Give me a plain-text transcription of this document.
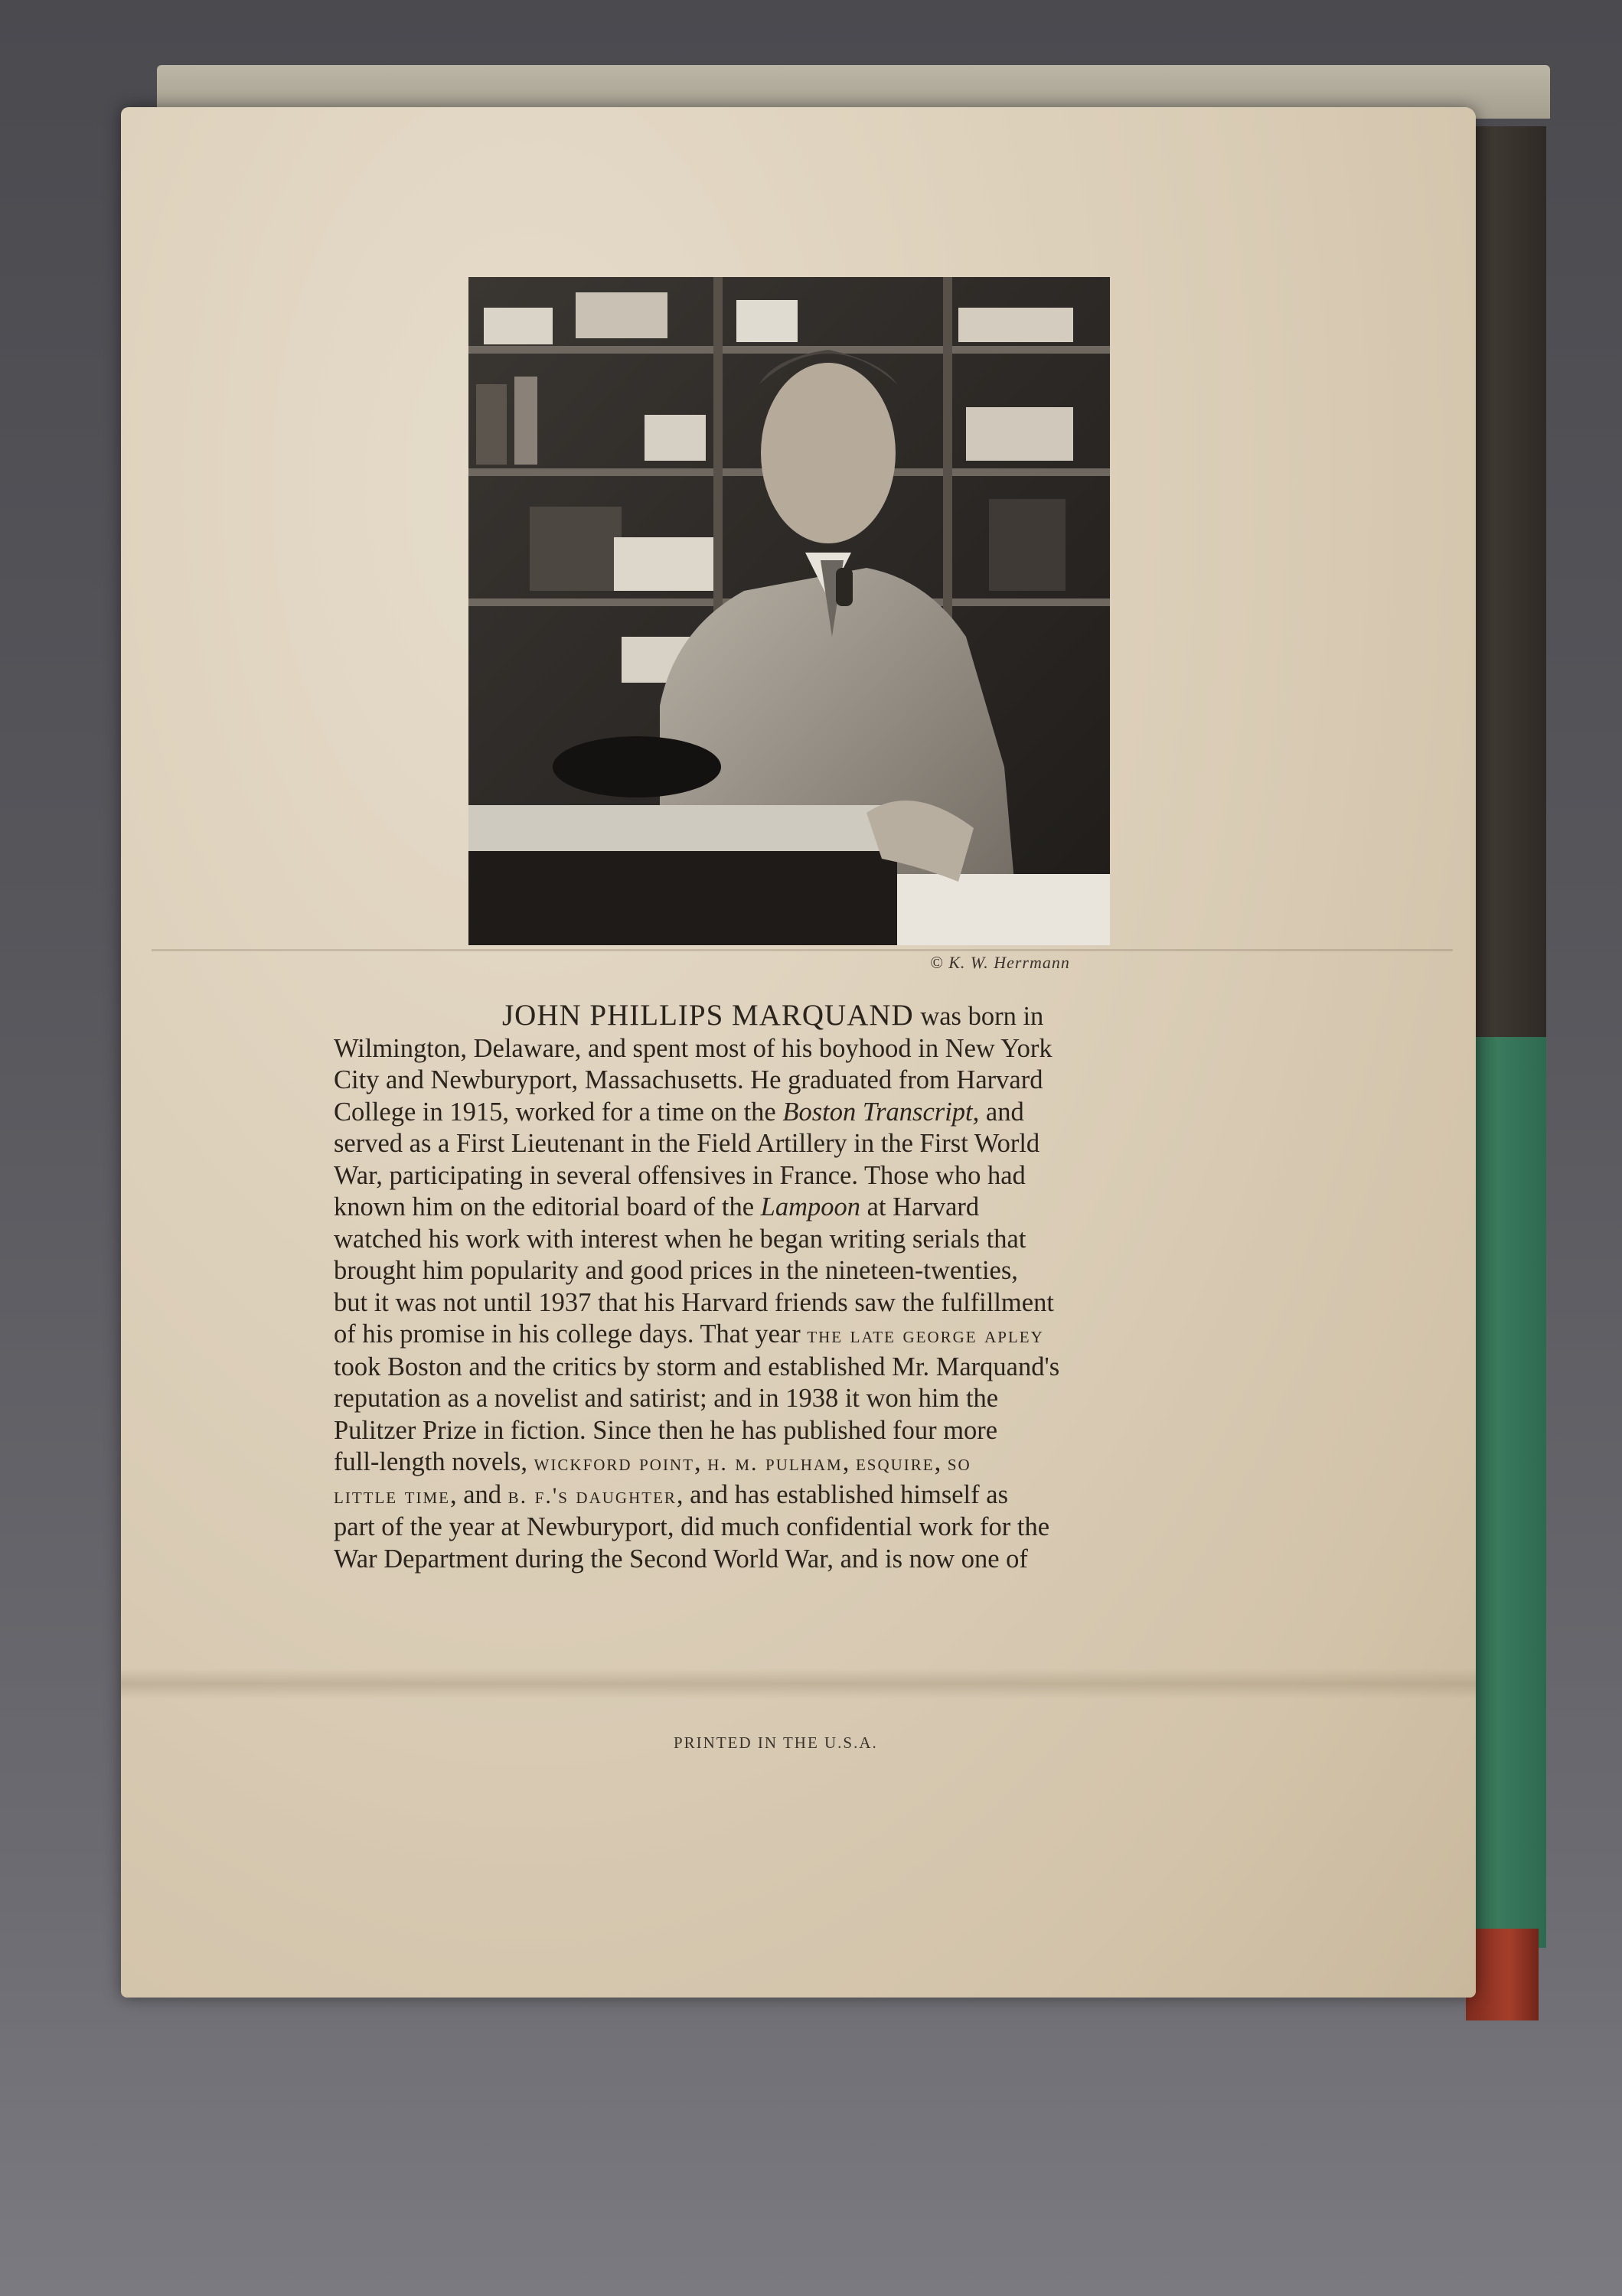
© K. W. Herrmann
JOHN PHILLIPS MARQUAND was born in
Wilmington, Delaware, and spent most of his boyhood in New York
City and Newburyport, Massachusetts. He graduated from Harvard
College in 1915, worked for a time on the Boston Transcript, and
served as a First Lieutenant in the Field Artillery in the First World
War, participating in several offensives in France. Those who had
known him on the editorial board of the Lampoon at Harvard
watched his work with interest when he began writing serials that
brought him popularity and good prices in the nineteen-twenties,
but it was not until 1937 that his Harvard friends saw the fulfillment
of his promise in his college days. That year the late george apley
took Boston and the critics by storm and established Mr. Marquand's
reputation as a novelist and satirist; and in 1938 it won him the
Pulitzer Prize in fiction. Since then he has published four more
full-length novels, wickford point, h. m. pulham, esquire, so
little time, and b. f.'s daughter, and has established himself as
part of the year at Newburyport, did much confidential work for the
War Department during the Second World War, and is now one of
PRINTED IN THE U.S.A.
